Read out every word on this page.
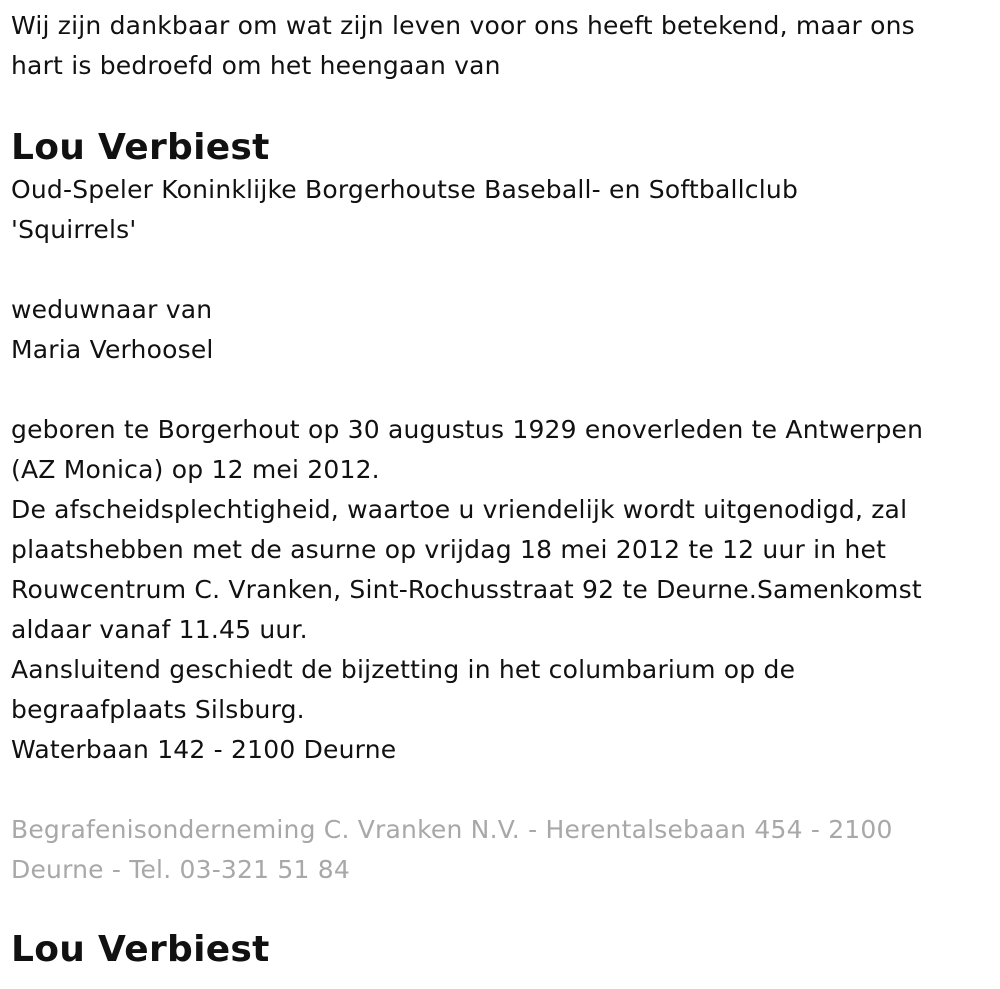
Wij zijn dankbaar om wat zijn leven voor ons heeft betekend, maar ons

hart is bedroefd om het heengaan van

Lou Verbiest

Oud-Speler Koninklijke Borgerhoutse Baseball- en Softballclub

'Squirrels'

weduwnaar van

Maria Verhoosel

geboren te Borgerhout op 30 augustus 1929 enoverleden te Antwerpen

(AZ Monica) op 12 mei 2012.

De afscheidsplechtigheid, waartoe u vriendelijk wordt uitgenodigd, zal

plaatshebben met de asurne op vrijdag 18 mei 2012 te 12 uur in het

Rouwcentrum C. Vranken, Sint-Rochusstraat 92 te Deurne.Samenkomst

aldaar vanaf 11.45 uur.

Aansluitend geschiedt de bijzetting in het columbarium op de

begraafplaats Silsburg.

Waterbaan 142 - 2100 Deurne

Begrafenisonderneming C. Vranken N.V. - Herentalsebaan 454 - 2100

Deurne - Tel. 03-321 51 84

Lou Verbiest
